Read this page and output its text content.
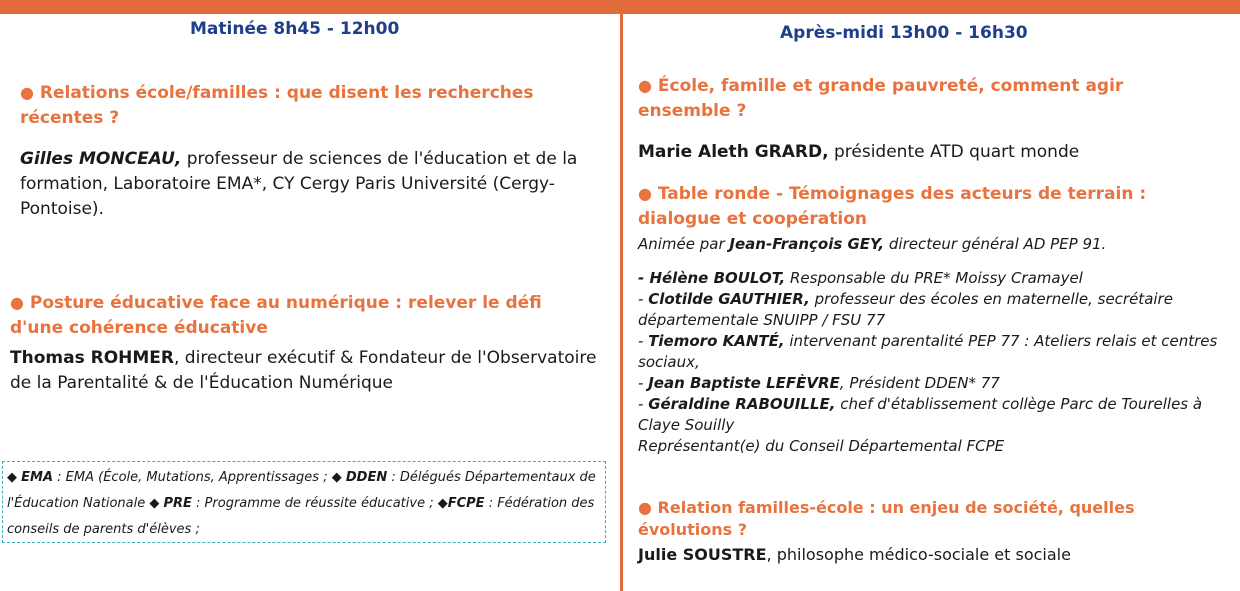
Matinée 8h45 - 12h00
● Relations école/familles : que disent les recherches récentes ?
Gilles MONCEAU, professeur de sciences de l'éducation et de la formation, Laboratoire EMA*, CY Cergy Paris Université (Cergy-Pontoise).
● Posture éducative face au numérique : relever le défi d'une cohérence éducative
Thomas ROHMER, directeur exécutif & Fondateur de l'Observatoire de la Parentalité & de l'Éducation Numérique
◆ EMA : EMA (École, Mutations, Apprentissages ; ◆ DDEN : Délégués Départementaux de l'Éducation Nationale ◆ PRE : Programme de réussite éducative ; ◆FCPE : Fédération des conseils de parents d'élèves ;
Après-midi 13h00 - 16h30
● École, famille et grande pauvreté, comment agir ensemble ?
Marie Aleth GRARD, présidente ATD quart monde
● Table ronde - Témoignages des acteurs de terrain : dialogue et coopération
Animée par Jean-François GEY, directeur général AD PEP 91.
- Hélène BOULOT, Responsable du PRE* Moissy Cramayel
- Clotilde GAUTHIER, professeur des écoles en maternelle, secrétaire départementale SNUIPP / FSU 77
- Tiemoro KANTÉ, intervenant parentalité PEP 77 : Ateliers relais et centres sociaux,
- Jean Baptiste LEFÈVRE, Président DDEN* 77
- Géraldine RABOUILLE, chef d'établissement collège Parc de Tourelles à Claye Souilly
Représentant(e) du Conseil Départemental FCPE
● Relation familles-école : un enjeu de société, quelles évolutions ?
Julie SOUSTRE, philosophe médico-sociale et sociale
